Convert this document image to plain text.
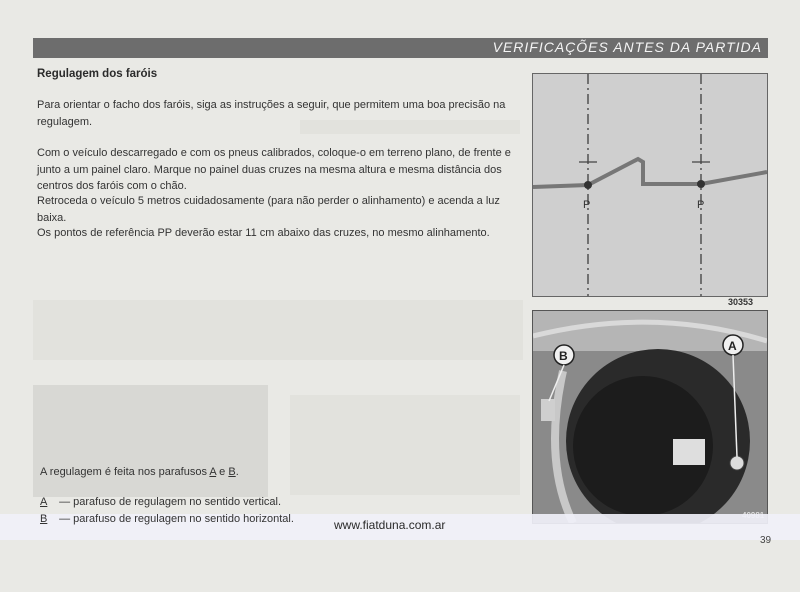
VERIFICAÇÕES ANTES DA PARTIDA
Regulagem dos faróis
Para orientar o facho dos faróis, siga as instruções a seguir, que permitem uma boa precisão na regulagem.
Com o veículo descarregado e com os pneus calibrados, coloque-o em terreno plano, de frente e junto a um painel claro. Marque no painel duas cruzes na mesma altura e mesma distância dos centros dos faróis com o chão.
Retroceda o veículo 5 metros cuidadosamente (para não perder o alinhamento) e acenda a luz baixa.
Os pontos de referência PP deverão estar 11 cm abaixo das cruzes, no mesmo alinhamento.
P	P
30353
B
A
A regulagem é feita nos parafusos A e B.
A — parafuso de regulagem no sentido vertical.
B — parafuso de regulagem no sentido horizontal.	www.fiatduna.com.ar
39
